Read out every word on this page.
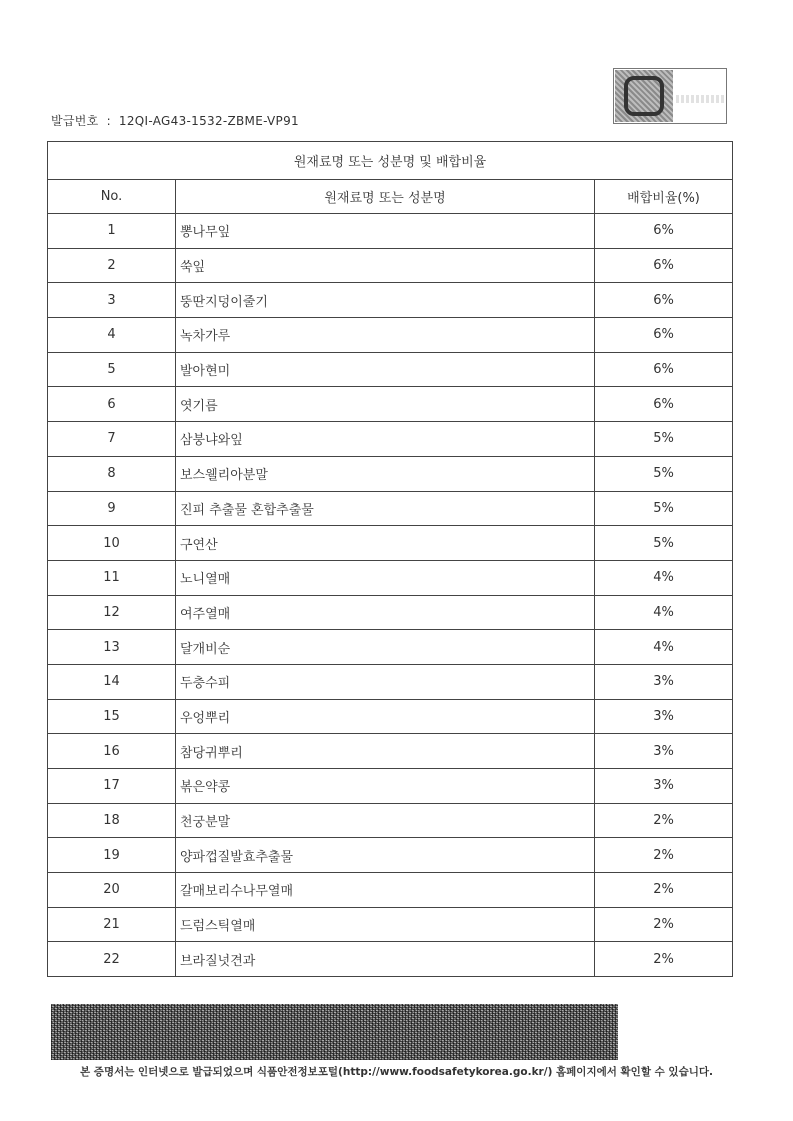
발급번호 : 12QI-AG43-1532-ZBME-VP91
원재료명 또는 성분명 및 배합비율		
No.	원재료명 또는 성분명	배합비율(%)
1	뽕나무잎	6%
2	쑥잎	6%
3	뚱딴지덩이줄기	6%
4	녹차가루	6%
5	발아현미	6%
6	엿기름	6%
7	삼붕냐와잎	5%
8	보스웰리아분말	5%
9	진피 추출물 혼합추출물	5%
10	구연산	5%
11	노니열매	4%
12	여주열매	4%
13	달개비순	4%
14	두충수피	3%
15	우엉뿌리	3%
16	참당귀뿌리	3%
17	볶은약콩	3%
18	천궁분말	2%
19	양파껍질발효추출물	2%
20	갈매보리수나무열매	2%
21	드럼스틱열매	2%
22	브라질넛견과	2%
본 증명서는 인터넷으로 발급되었으며 식품안전정보포털(http://www.foodsafetykorea.go.kr/) 홈페이지에서 확인할 수 있습니다.
